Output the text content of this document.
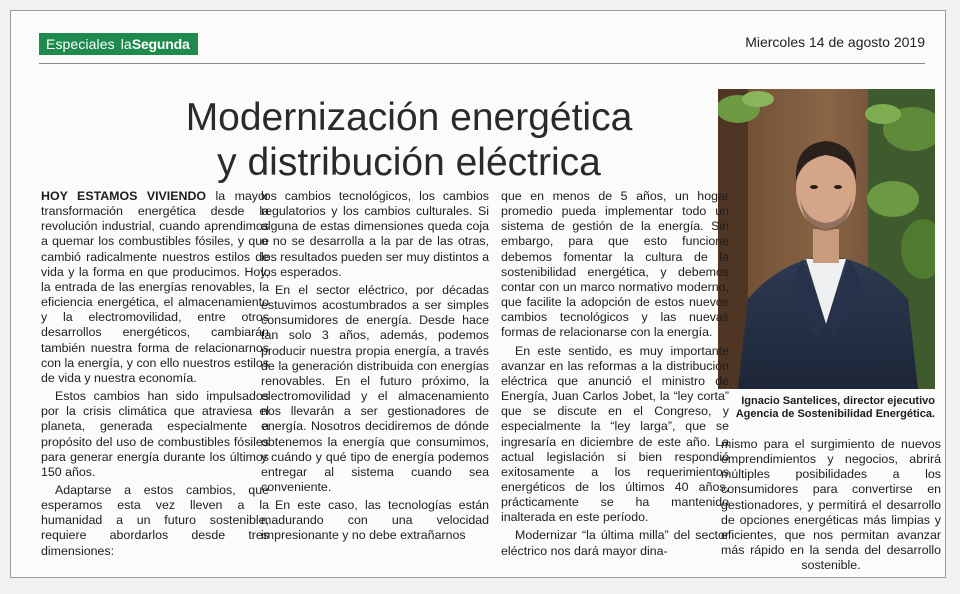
Especiales laSegunda	Miercoles 14 de agosto 2019
Modernización energética
y distribución eléctrica
Ignacio Santelices, director ejecutivo
Agencia de Sostenibilidad Energética.

HOY ESTAMOS VIVIENDO la mayor transformación energética desde la revolución industrial, cuando aprendimos a quemar los combustibles fósiles, y que cambió radicalmente nuestros estilos de vida y la forma en que producimos. Hoy, la entrada de las energías renovables, la eficiencia energética, el almacenamiento y la electromovilidad, entre otros desarrollos energéticos, cambiarán también nuestra forma de relacionarnos con la energía, y con ello nuestros estilos de vida y nuestra economía.

Estos cambios han sido impulsados por la crisis climática que atraviesa el planeta, generada especialmente a propósito del uso de combustibles fósiles para generar energía durante los últimos 150 años.

Adaptarse a estos cambios, que esperamos esta vez lleven a la humanidad a un futuro sostenible, requiere abordarlos desde tres dimensiones:

los cambios tecnológicos, los cambios regulatorios y los cambios culturales. Si alguna de estas dimensiones queda coja o no se desarrolla a la par de las otras, los resultados pueden ser muy distintos a los esperados.

En el sector eléctrico, por décadas estuvimos acostumbrados a ser simples consumidores de energía. Desde hace tan solo 3 años, además, podemos producir nuestra propia energía, a través de la generación distribuida con energías renovables. En el futuro próximo, la electromovilidad y el almacenamiento nos llevarán a ser gestionadores de energía. Nosotros decidiremos de dónde obtenemos la energía que consumimos, y cuándo y qué tipo de energía podemos entregar al sistema cuando sea conveniente.

En este caso, las tecnologías están madurando con una velocidad impresionante y no debe extrañarnos

que en menos de 5 años, un hogar promedio pueda implementar todo un sistema de gestión de la energía. Sin embargo, para que esto funcione debemos fomentar la cultura de la sostenibilidad energética, y debemos contar con un marco normativo moderno, que facilite la adopción de estos nuevos cambios tecnológicos y las nuevas formas de relacionarse con la energía.

En este sentido, es muy importante avanzar en las reformas a la distribución eléctrica que anunció el ministro de Energía, Juan Carlos Jobet, la “ley corta” que se discute en el Congreso, y especialmente la “ley larga”, que se ingresaría en diciembre de este año. La actual legislación si bien respondió exitosamente a los requerimientos energéticos de los últimos 40 años, prácticamente se ha mantenido inalterada en este período.

Modernizar “la última milla” del sector eléctrico nos dará mayor dina-

mismo para el surgimiento de nuevos emprendimientos y negocios, abrirá múltiples posibilidades a los consumidores para convertirse en gestionadores, y permitirá el desarrollo de opciones energéticas más limpias y eficientes, que nos permitan avanzar más rápido en la senda del desarrollo sostenible.
